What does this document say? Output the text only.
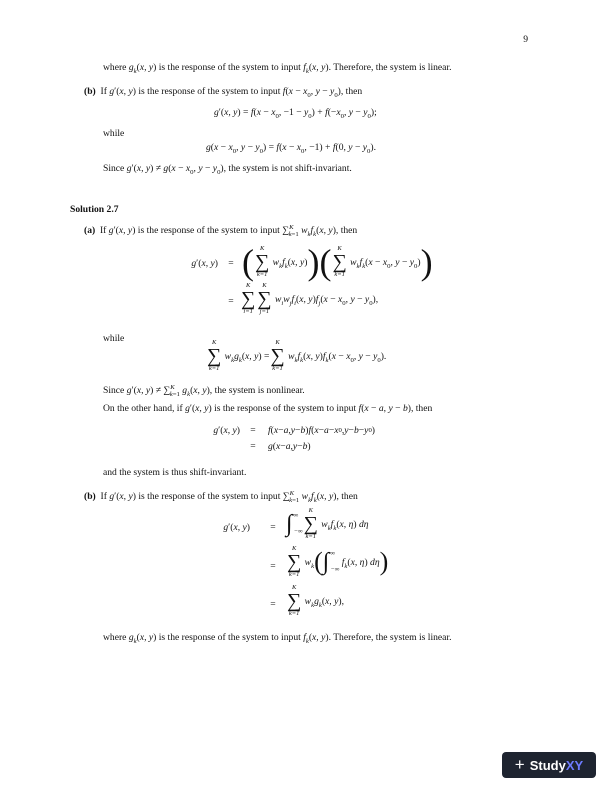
9
where $g_k(x$, y) is the response of the system to input $f_k(x$, y). Therefore, the system is linear.
(b) If g′(x, y) is the response of the system to input $f(x - x_0$, $y - y_0$), then
g′(x, $y) = f(x - x_0$, $-1 - y_0) + f(-x_0$, $y - y_0$);
while
$g(x - x_0$, $y - y_0) = f(x - x_0$, −1) + f(0, $y - y_0$).
Since g′(x, $y) \ne g(x - x_0$, $y - y_0$), the system is not shift-invariant.
Solution 2.7
(a) If g′(x, y) is the response of the system to input ∑$^K_{k=1}$ $w_kf_k(x$, y), then
g′(x, y)	= ( K
∑
k=1
$w_kf_k(x$, y) ) ( K
∑
k=1
$w_kf_k(x - x_0$, $y - y_0$) )
=
K
∑
i=1
K
∑
j=1
$w_iw_jf_i(x$, $y)f_j(x - x_0$, $y - y_0$),
while	K
∑
k=1
$w_kg_k(x$, y) =
K
∑
k=1
$w_kf_k(x$, $y)f_k(x - x_0$, $y - y_0$).
Since g′(x, y) ≠ ∑$^K_{k=1}$ $g_k(x$, y), the system is nonlinear.
On the other hand, if g′(x, y) is the response of the system to input f(x − a, y − b), then
g′(x, y)	=	f ( x − a , y − b ) f ( x − a − x 0 , y − b − y 0 )
=	g ( x − a , y − b )
and the system is thus shift-invariant.
(b) If g′(x, y) is the response of the system to input ∑$^K_{k=1}$ $w_kf_k(x$, y), then
g′(x, y)	= ∫ ∞
−∞
K
∑
k=1
$w_kf_k(x$, η) dη
=
K
∑
k=1
$w_k$ ( ∫ ∞
−∞
$f_k(x$, η) dη )
=
K
∑
k=1
$w_kg_k(x$, y),
where $g_k(x$, y) is the response of the system to input $f_k(x$, y). Therefore, the system is linear.
+ Study XY
